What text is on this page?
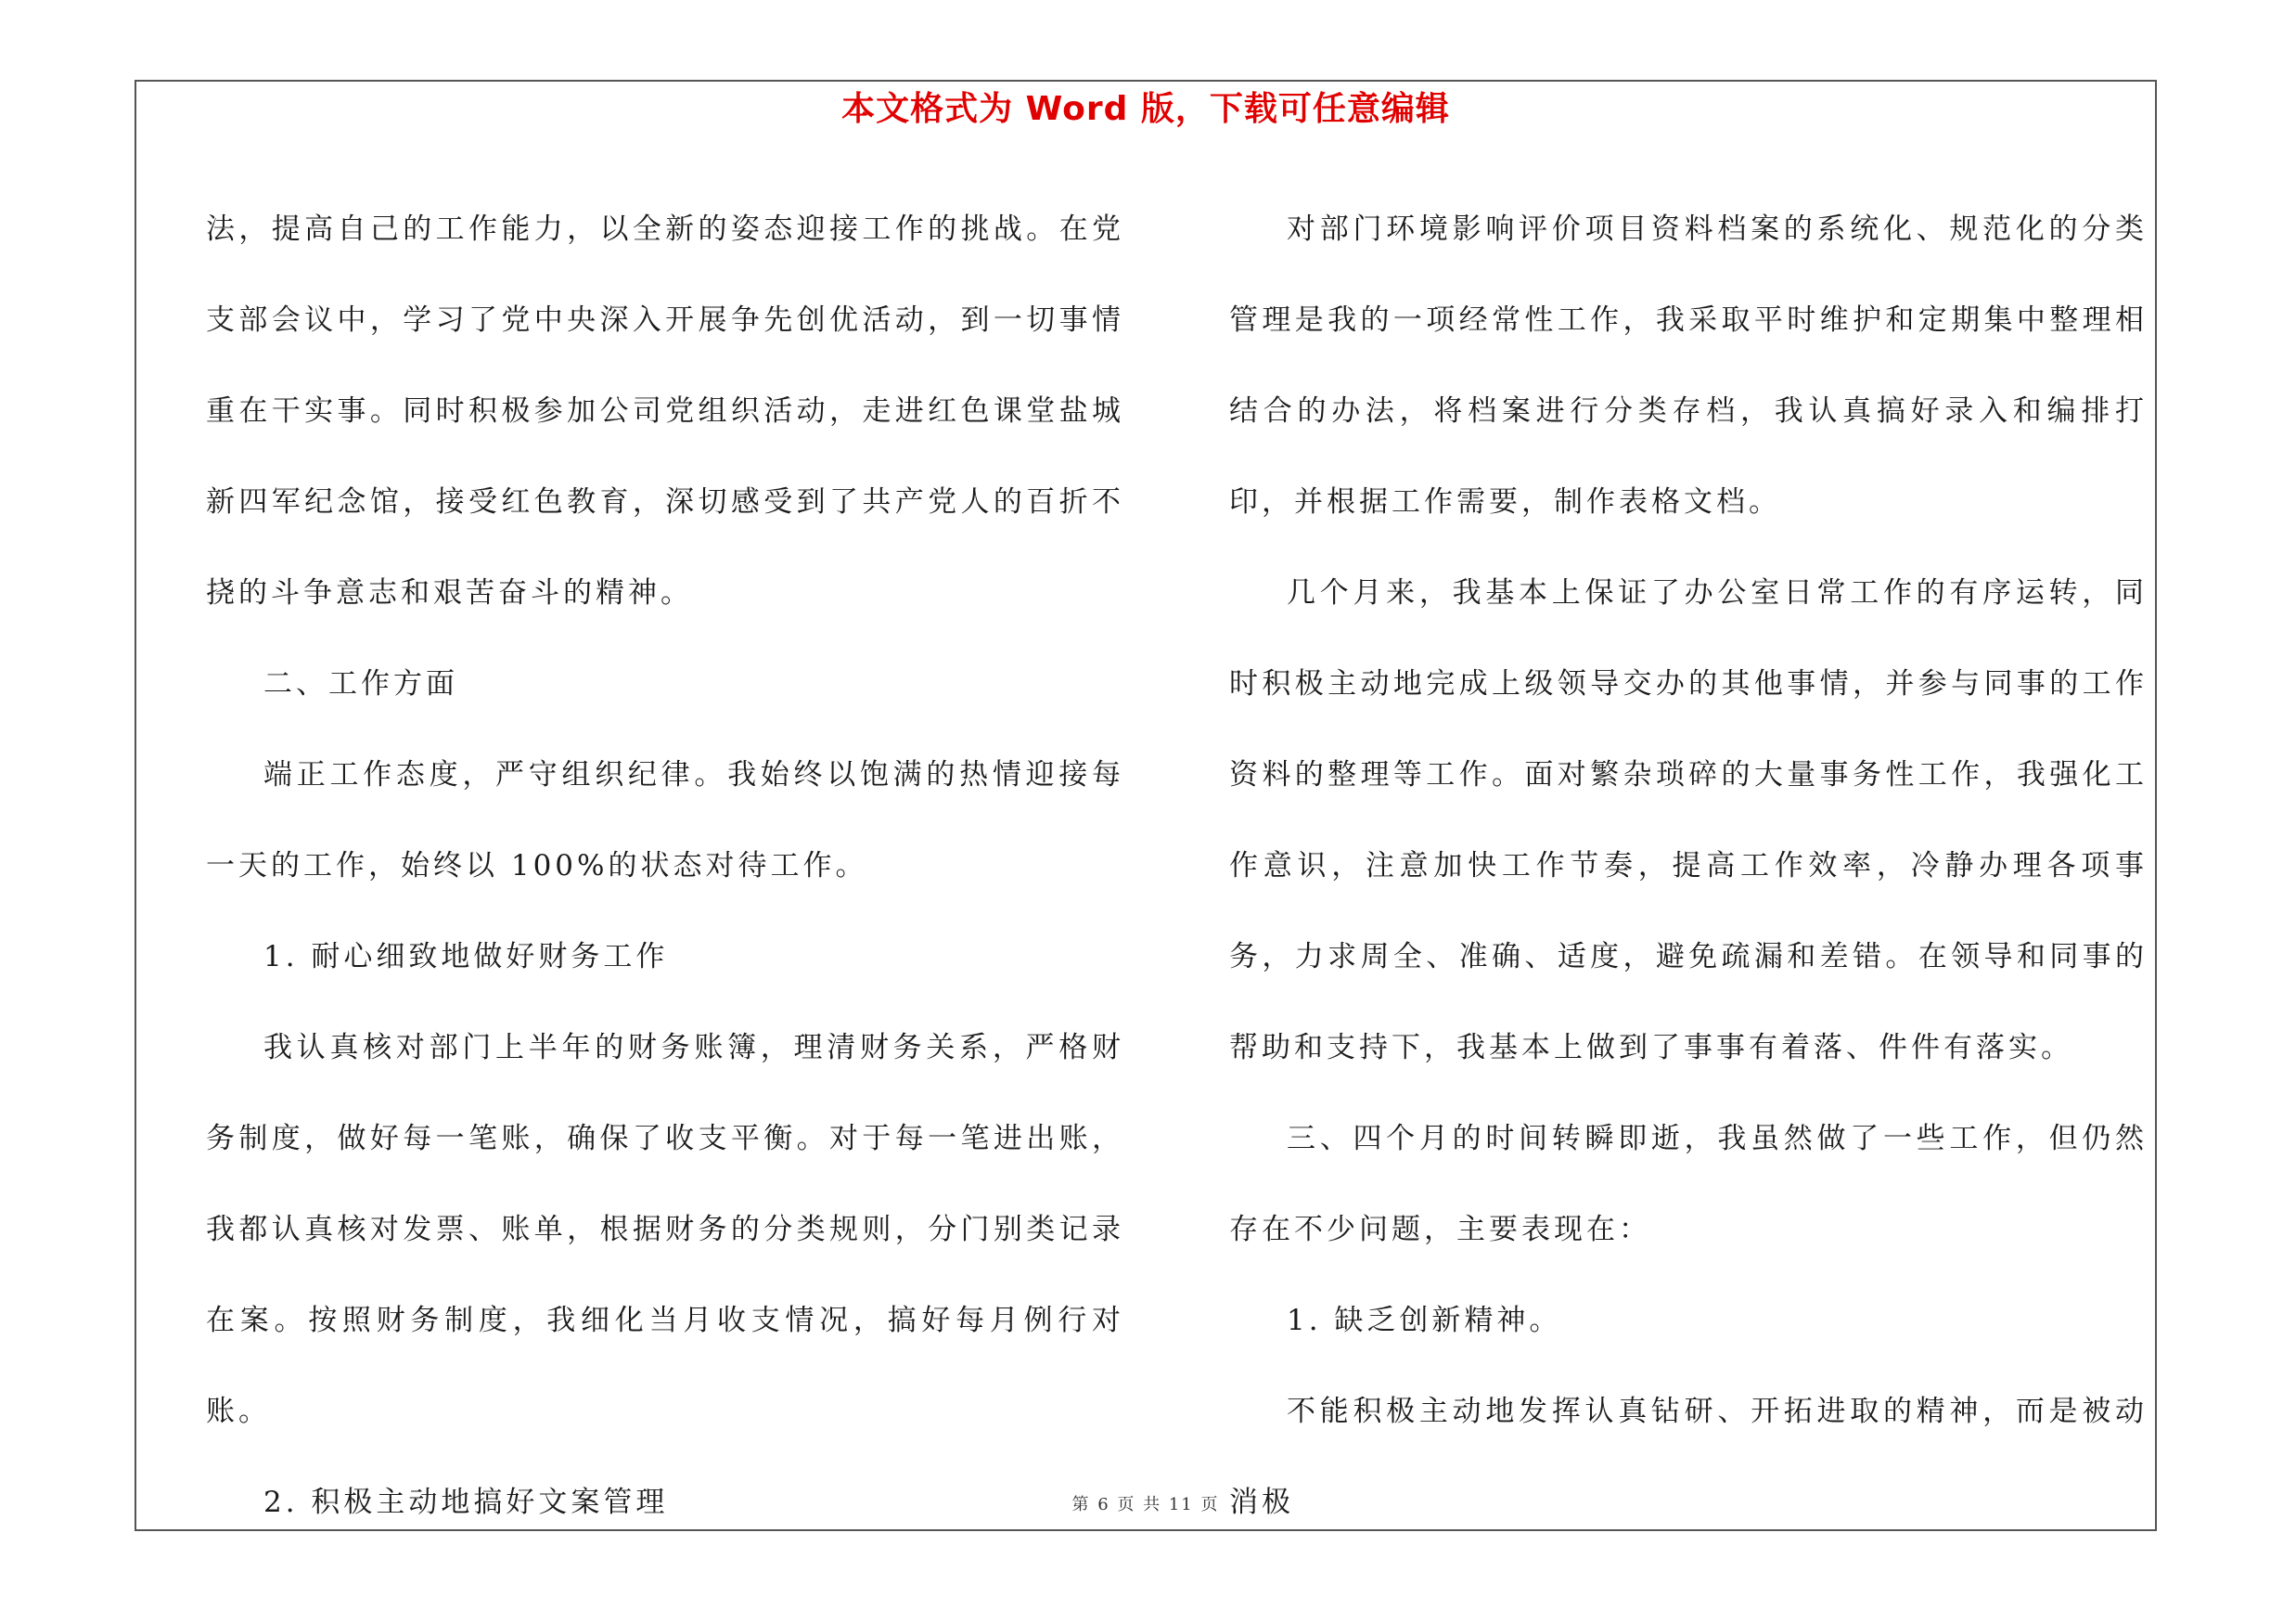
本文格式为 Word 版，下载可任意编辑

法，提高自己的工作能力，以全新的姿态迎接工作的挑战。在党支部会议中，学习了党中央深入开展争先创优活动，到一切事情重在干实事。同时积极参加公司党组织活动，走进红色课堂盐城新四军纪念馆，接受红色教育，深切感受到了共产党人的百折不挠的斗争意志和艰苦奋斗的精神。

二、工作方面

端正工作态度，严守组织纪律。我始终以饱满的热情迎接每一天的工作，始终以 100%的状态对待工作。

1. 耐心细致地做好财务工作

我认真核对部门上半年的财务账簿，理清财务关系，严格财务制度，做好每一笔账，确保了收支平衡。对于每一笔进出账，我都认真核对发票、账单，根据财务的分类规则，分门别类记录在案。按照财务制度，我细化当月收支情况，搞好每月例行对账。

2. 积极主动地搞好文案管理

对部门环境影响评价项目资料档案的系统化、规范化的分类管理是我的一项经常性工作，我采取平时维护和定期集中整理相结合的办法，将档案进行分类存档，我认真搞好录入和编排打印，并根据工作需要，制作表格文档。

几个月来，我基本上保证了办公室日常工作的有序运转，同时积极主动地完成上级领导交办的其他事情，并参与同事的工作资料的整理等工作。面对繁杂琐碎的大量事务性工作，我强化工作意识，注意加快工作节奏，提高工作效率，冷静办理各项事务，力求周全、准确、适度，避免疏漏和差错。在领导和同事的帮助和支持下，我基本上做到了事事有着落、件件有落实。

三、四个月的时间转瞬即逝，我虽然做了一些工作，但仍然存在不少问题，主要表现在：

1. 缺乏创新精神。

不能积极主动地发挥认真钻研、开拓进取的精神，而是被动消极

第 6 页 共 11 页
